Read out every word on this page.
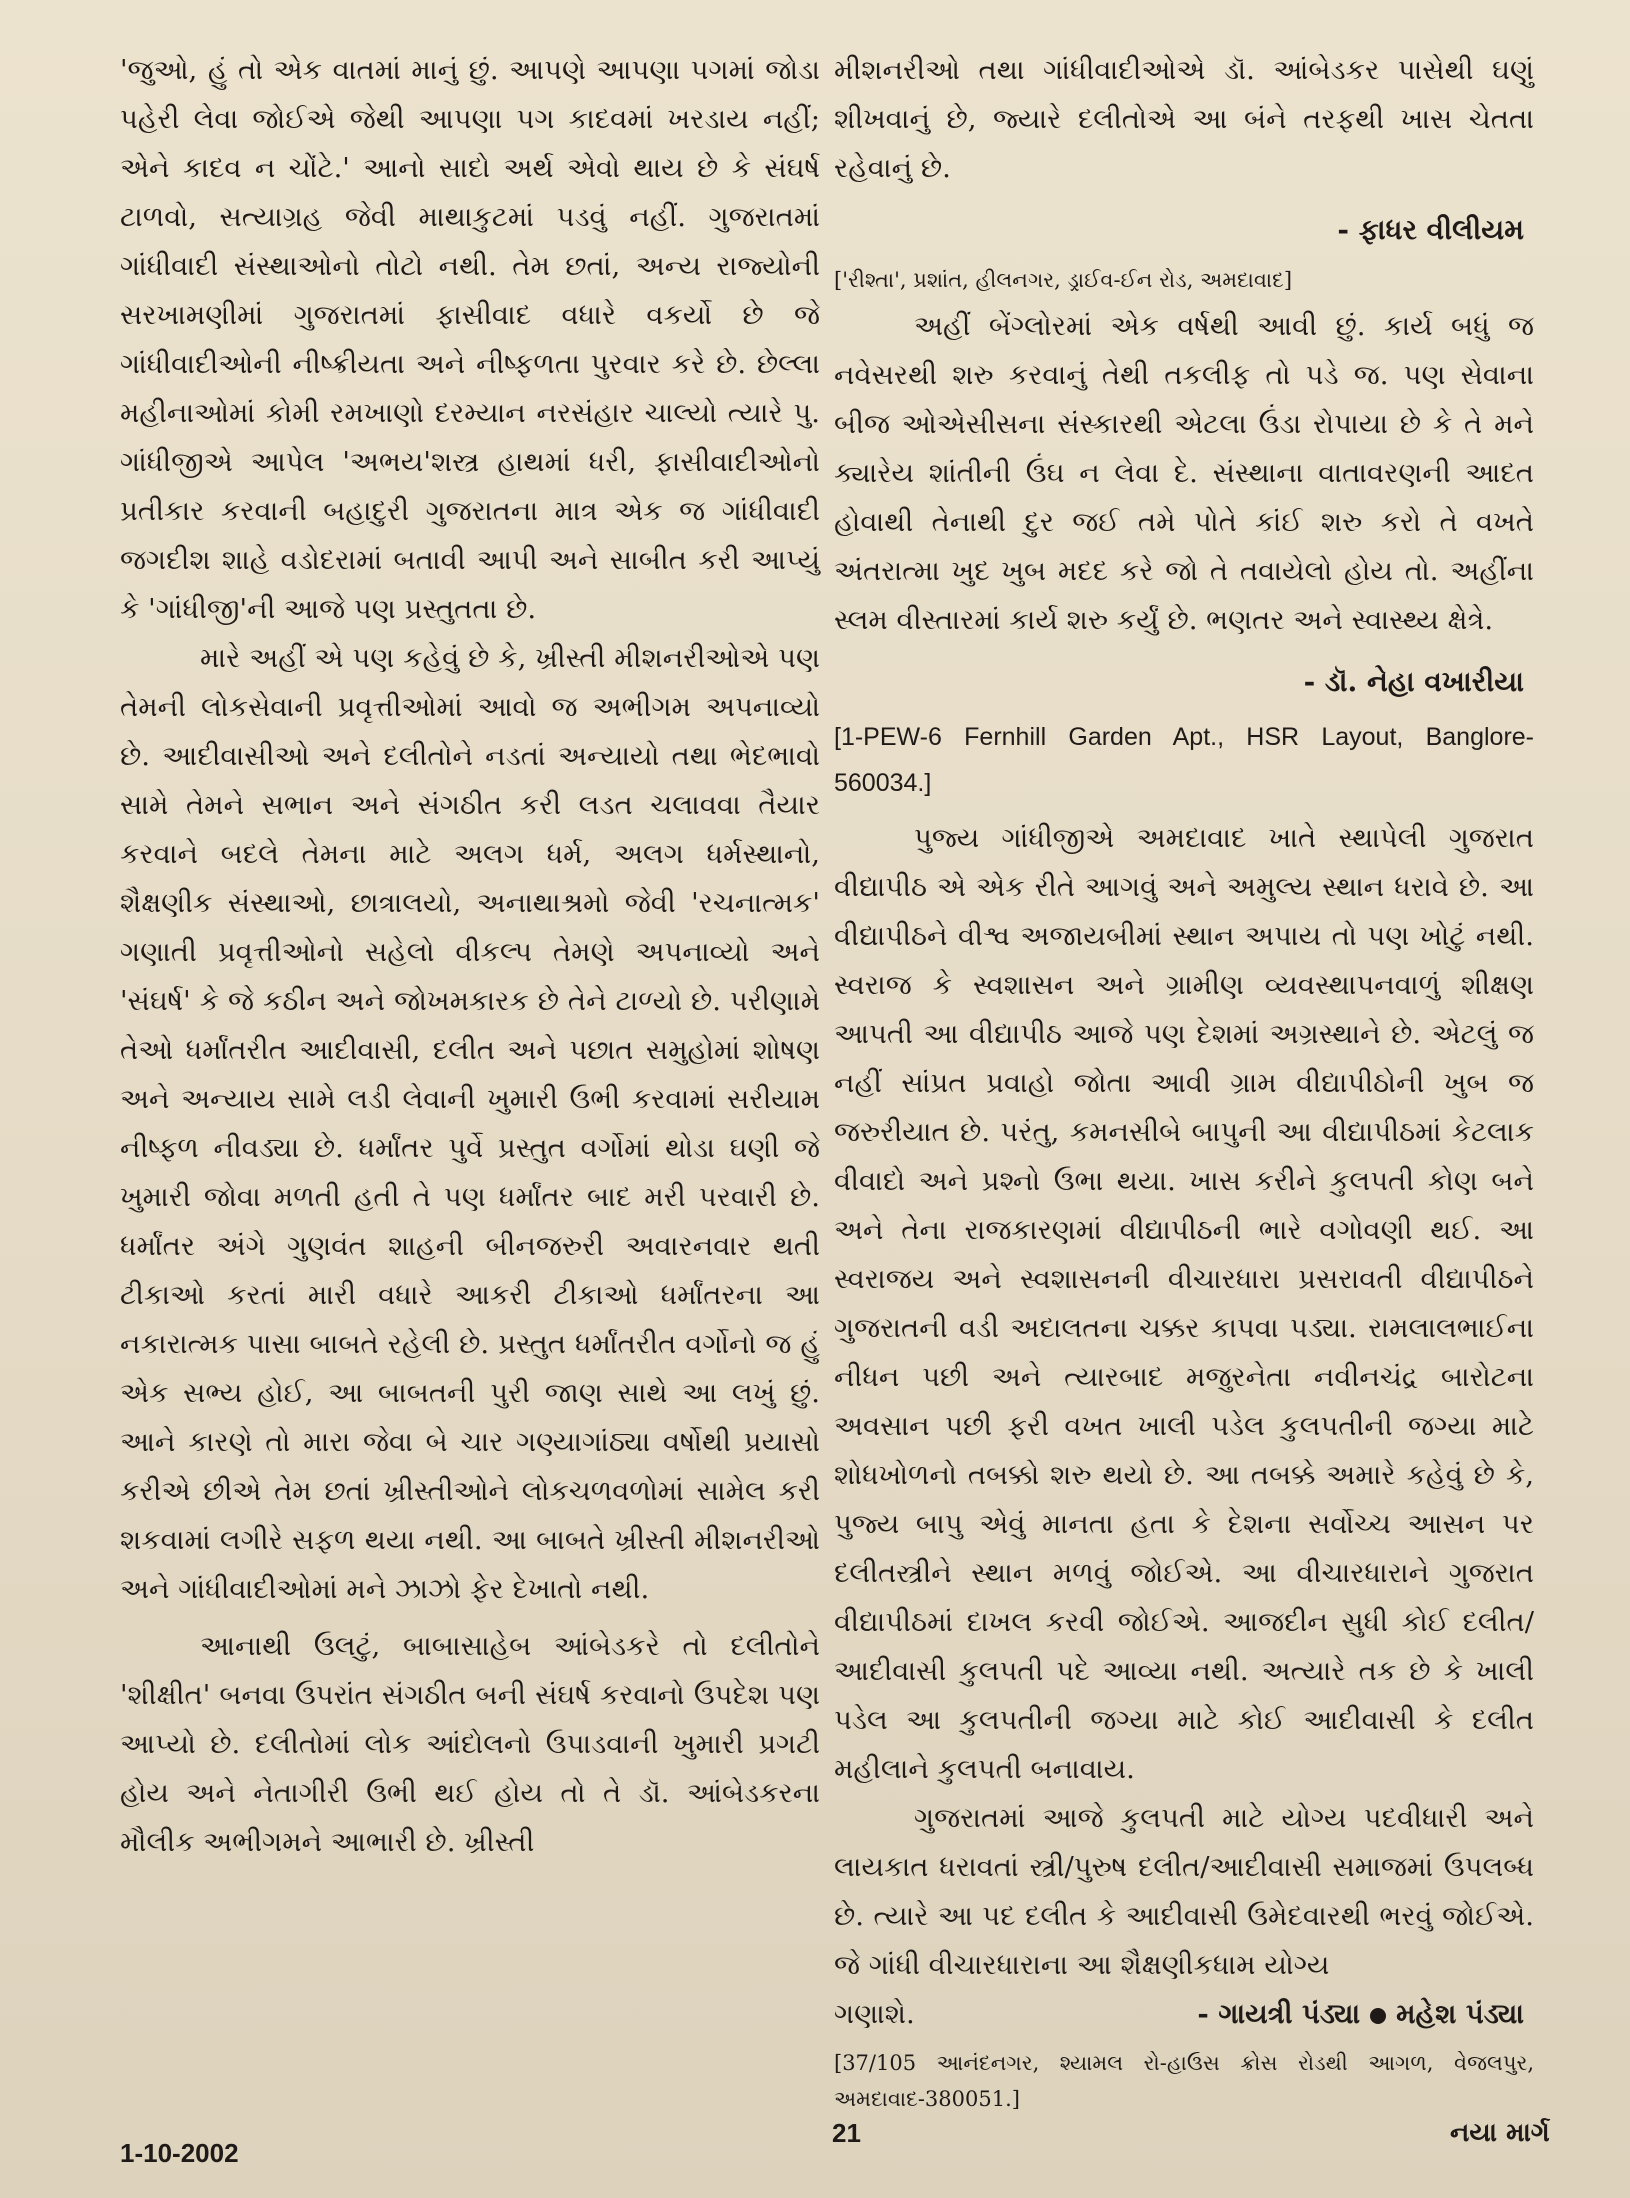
'જુઓ, હું તો એક વાતમાં માનું છું. આપણે આપણા પગમાં જોડા પહેરી લેવા જોઈએ જેથી આપણા પગ કાદવમાં ખરડાય નહીં; એને કાદવ ન ચોંટે.' આનો સાદો અર્થ એવો થાય છે કે સંઘર્ષ ટાળવો, સત્યાગ્રહ જેવી માથાકુટમાં પડવું નહીં. ગુજરાતમાં ગાંધીવાદી સંસ્થાઓનો તોટો નથી. તેમ છતાં, અન્ય રાજ્યોની સરખામણીમાં ગુજરાતમાં ફાસીવાદ વધારે વકર્યો છે જે ગાંધીવાદીઓની નીષ્ક્રીયતા અને નીષ્ફળતા પુરવાર કરે છે. છેલ્લા મહીનાઓમાં કોમી રમખાણો દરમ્યાન નરસંહાર ચાલ્યો ત્યારે પુ. ગાંધીજીએ આપેલ 'અભય'શસ્ત્ર હાથમાં ધરી, ફાસીવાદીઓનો પ્રતીકાર કરવાની બહાદુરી ગુજરાતના માત્ર એક જ ગાંધીવાદી જગદીશ શાહે વડોદરામાં બતાવી આપી અને સાબીત કરી આપ્યું કે 'ગાંધીજી'ની આજે પણ પ્રસ્તુતતા છે.

મારે અહીં એ પણ કહેવું છે કે, ખ્રીસ્તી મીશનરીઓએ પણ તેમની લોકસેવાની પ્રવૃત્તીઓમાં આવો જ અભીગમ અપનાવ્યો છે. આદીવાસીઓ અને દલીતોને નડતાં અન્યાયો તથા ભેદભાવો સામે તેમને સભાન અને સંગઠીત કરી લડત ચલાવવા તૈયાર કરવાને બદલે તેમના માટે અલગ ધર્મ, અલગ ધર્મસ્થાનો, શૈક્ષણીક સંસ્થાઓ, છાત્રાલયો, અનાથાશ્રમો જેવી 'રચનાત્મક' ગણાતી પ્રવૃત્તીઓનો સહેલો વીકલ્પ તેમણે અપનાવ્યો અને 'સંઘર્ષ' કે જે કઠીન અને જોખમકારક છે તેને ટાળ્યો છે. પરીણામે તેઓ ધર્માંતરીત આદીવાસી, દલીત અને પછાત સમુહોમાં શોષણ અને અન્યાય સામે લડી લેવાની ખુમારી ઉભી કરવામાં સરીયામ નીષ્ફળ નીવડ્યા છે. ધર્માંતર પુર્વે પ્રસ્તુત વર્ગોમાં થોડા ઘણી જે ખુમારી જોવા મળતી હતી તે પણ ધર્માંતર બાદ મરી પરવારી છે. ધર્માંતર અંગે ગુણવંત શાહની બીનજરુરી અવારનવાર થતી ટીકાઓ કરતાં મારી વધારે આકરી ટીકાઓ ધર્માંતરના આ નકારાત્મક પાસા બાબતે રહેલી છે. પ્રસ્તુત ધર્માંતરીત વર્ગોનો જ હું એક સભ્ય હોઈ, આ બાબતની પુરી જાણ સાથે આ લખું છું. આને કારણે તો મારા જેવા બે ચાર ગણ્યાગાંઠ્યા વર્ષોથી પ્રયાસો કરીએ છીએ તેમ છતાં ખ્રીસ્તીઓને લોકચળવળોમાં સામેલ કરી શકવામાં લગીરે સફળ થયા નથી. આ બાબતે ખ્રીસ્તી મીશનરીઓ અને ગાંધીવાદીઓમાં મને ઝાઝો ફેર દેખાતો નથી.

આનાથી ઉલટું, બાબાસાહેબ આંબેડકરે તો દલીતોને 'શીક્ષીત' બનવા ઉપરાંત સંગઠીત બની સંઘર્ષ કરવાનો ઉપદેશ પણ આપ્યો છે. દલીતોમાં લોક આંદોલનો ઉપાડવાની ખુમારી પ્રગટી હોય અને નેતાગીરી ઉભી થઈ હોય તો તે ડૉ. આંબેડકરના મૌલીક અભીગમને આભારી છે. ખ્રીસ્તી

મીશનરીઓ તથા ગાંધીવાદીઓએ ડૉ. આંબેડકર પાસેથી ઘણું શીખવાનું છે, જ્યારે દલીતોએ આ બંને તરફથી ખાસ ચેતતા રહેવાનું છે.

- ફાધર વીલીયમ

['રીશ્તા', પ્રશાંત, હીલનગર, ડ્રાઈવ-ઈન રોડ, અમદાવાદ]

અહીં બેંગ્લોરમાં એક વર્ષથી આવી છું. કાર્ય બધું જ નવેસરથી શરુ કરવાનું તેથી તકલીફ તો પડે જ. પણ સેવાના બીજ ઓએસીસના સંસ્કારથી એટલા ઉંડા રોપાયા છે કે તે મને ક્યારેય શાંતીની ઉંઘ ન લેવા દે. સંસ્થાના વાતાવરણની આદત હોવાથી તેનાથી દુર જઈ તમે પોતે કાંઈ શરુ કરો તે વખતે અંતરાત્મા ખુદ ખુબ મદદ કરે જો તે તવાયેલો હોય તો. અહીંના સ્લમ વીસ્તારમાં કાર્ય શરુ કર્યું છે. ભણતર અને સ્વાસ્થ્ય ક્ષેત્રે.

- ડૉ. નેહા વખારીયા

[1-PEW-6 Fernhill Garden Apt., HSR Layout, Banglore- 560034.]

પુજ્ય ગાંધીજીએ અમદાવાદ ખાતે સ્થાપેલી ગુજરાત વીદ્યાપીઠ એ એક રીતે આગવું અને અમુલ્ય સ્થાન ધરાવે છે. આ વીદ્યાપીઠને વીશ્વ અજાયબીમાં સ્થાન અપાય તો પણ ખોટું નથી. સ્વરાજ કે સ્વશાસન અને ગ્રામીણ વ્યવસ્થાપનવાળું શીક્ષણ આપતી આ વીદ્યાપીઠ આજે પણ દેશમાં અગ્રસ્થાને છે. એટલું જ નહીં સાંપ્રત પ્રવાહો જોતા આવી ગ્રામ વીદ્યાપીઠોની ખુબ જ જરુરીયાત છે. પરંતુ, કમનસીબે બાપુની આ વીદ્યાપીઠમાં કેટલાક વીવાદો અને પ્રશ્નો ઉભા થયા. ખાસ કરીને કુલપતી કોણ બને અને તેના રાજકારણમાં વીદ્યાપીઠની ભારે વગોવણી થઈ. આ સ્વરાજય અને સ્વશાસનની વીચારધારા પ્રસરાવતી વીદ્યાપીઠને ગુજરાતની વડી અદાલતના ચક્કર કાપવા પડ્યા. રામલાલભાઈના નીધન પછી અને ત્યારબાદ મજુરનેતા નવીનચંદ્ર બારોટના અવસાન પછી ફરી વખત ખાલી પડેલ કુલપતીની જગ્યા માટે શોધખોળનો તબક્કો શરુ થયો છે. આ તબક્કે અમારે કહેવું છે કે, પુજ્ય બાપુ એવું માનતા હતા કે દેશના સર્વોચ્ચ આસન પર દલીતસ્ત્રીને સ્થાન મળવું જોઈએ. આ વીચારધારાને ગુજરાત વીદ્યાપીઠમાં દાખલ કરવી જોઈએ. આજદીન સુધી કોઈ દલીત/આદીવાસી કુલપતી પદે આવ્યા નથી. અત્યારે તક છે કે ખાલી પડેલ આ કુલપતીની જગ્યા માટે કોઈ આદીવાસી કે દલીત મહીલાને કુલપતી બનાવાય.

ગુજરાતમાં આજે કુલપતી માટે યોગ્ય પદવીધારી અને લાયકાત ધરાવતાં સ્ત્રી/પુરુષ દલીત/આદીવાસી સમાજમાં ઉપલબ્ધ છે. ત્યારે આ પદ દલીત કે આદીવાસી ઉમેદવારથી ભરવું જોઈએ. જે ગાંધી વીચારધારાના આ શૈક્ષણીકધામ યોગ્ય

ગણાશે.	- ગાયત્રી પંડ્યા મહેશ પંડ્યા

[37/105 આનંદનગર, શ્યામલ રો-હાઉસ ક્રોસ રોડથી આગળ, વેજલપુર, અમદાવાદ-380051.]

1-10-2002
21	નયા માર્ગ
